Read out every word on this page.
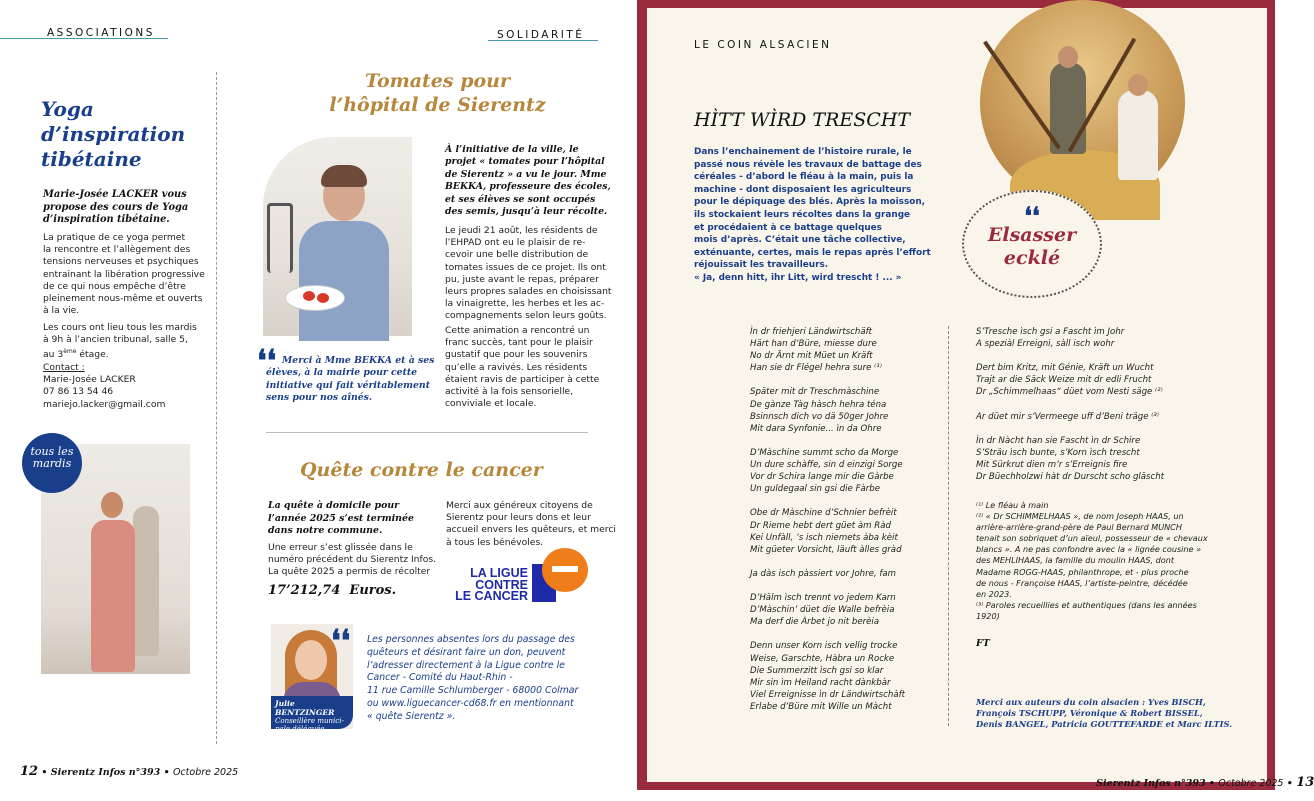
ASSOCIATIONS	SOLIDARITÉ
Yoga
d’inspiration
tibétaine
Marie-Josée LACKER vous
propose des cours de Yoga
d’inspiration tibétaine.
La pratique de ce yoga permet
la rencontre et l’allègement des
tensions nerveuses et psychiques
entrainant la libération progressive
de ce qui nous empêche d’être
pleinement nous-même et ouverts
à la vie.
Les cours ont lieu tous les mardis
à 9h à l’ancien tribunal, salle 5,
au 3ème étage.
Contact :
Marie-Josée LACKER
07 86 13 54 46
mariejo.lacker@gmail.com
tous les
mardis
Tomates pour
l’hôpital de Sierentz
À l’initiative de la ville, le
projet « tomates pour l’hôpital
de Sierentz » a vu le jour. Mme
BEKKA, professeure des écoles,
et ses élèves se sont occupés
des semis, jusqu’à leur récolte.
Le jeudi 21 août, les résidents de
l’EHPAD ont eu le plaisir de re-
cevoir une belle distribution de
tomates issues de ce projet. Ils ont
pu, juste avant le repas, préparer
leurs propres salades en choisissant
la vinaigrette, les herbes et les ac-
compagnements selon leurs goûts.
Cette animation a rencontré un
franc succès, tant pour le plaisir
gustatif que pour les souvenirs
qu’elle a ravivés. Les résidents
étaient ravis de participer à cette
activité à la fois sensorielle,
conviviale et locale.
❛❛ Merci à Mme BEKKA et à ses
élèves, à la mairie pour cette
initiative qui fait véritablement
sens pour nos aînés.
Quête contre le cancer
La quête à domicile pour
l’année 2025 s’est terminée
dans notre commune.
Une erreur s’est glissée dans le
numéro précédent du Sierentz Infos.
La quête 2025 a permis de récolter
17’212,74  Euros.
Merci aux généreux citoyens de
Sierentz pour leurs dons et leur
accueil envers les quêteurs, et merci
à tous les bénévoles.
LA LIGUE
CONTRE
LE CANCER
Julie BENTZINGER
Conseillère munici-
pale déléguée
❛❛ Les personnes absentes lors du passage des
quêteurs et désirant faire un don, peuvent
l’adresser directement à la Ligue contre le
Cancer - Comité du Haut-Rhin -
11 rue Camille Schlumberger - 68000 Colmar
ou www.liguecancer-cd68.fr en mentionnant
« quête Sierentz ».
12 • Sierentz Infos n°393 • Octobre 2025
LE COIN ALSACIEN
HÌTT WÌRD TRESCHT
Dans l’enchainement de l’histoire rurale, le
passé nous révèle les travaux de battage des
céréales - d’abord le fléau à la main, puis la
machine - dont disposaient les agriculteurs
pour le dépiquage des blés. Après la moisson,
ils stockaient leurs récoltes dans la grange
et procédaient à ce battage quelques
mois d’après. C’était une tâche collective,
exténuante, certes, mais le repas après l’effort
réjouissait les travailleurs.
« Ja, denn hitt, ihr Litt, wird trescht ! ... »
❛❛
Elsasser
ecklé
Ìn dr friehjeri Ländwirtschäft
Härt han d’Büre, miesse dure
No dr Ärnt mit Müet un Kräft
Han sie dr Flégel hehra sure ⁽¹⁾

Später mit dr Treschmàschine
De gànze Tàg hàsch hehra téna
Bsinnsch dich vo dä 50ger Johre
Mit dara Synfonie... ìn da Ohre

D’Màschine summt scho da Morge
Un dure schàffe, sin d einzigi Sorge
Vor dr Schira lange mir die Gàrbe
Un guldegaal sin gsi die Fàrbe

Obe dr Màschine d’Schnier befrèit
Dr Rieme hebt dert güet àm Ràd
Kei Unfàll, ’s isch niemets àba kèit
Mit güeter Vorsicht, läuft àlles gràd

Ja dàs isch pàssiert vor Johre, fam

D’Hälm ìsch trennt vo jedem Karn
D’Màschin’ düet die Walle befrèia
Ma derf die Àrbet jo nit berèia

Denn unser Korn isch vellig trocke
Weise, Garschte, Hàbra un Rocke
Die Summerzitt ìsch gsi so klar
Mir sin ìm Heiland racht dànkbàr
Viel Erreignisse ìn dr Ländwirtschàft
Erlabe d’Büre mit Wille un Màcht
S’Tresche ìsch gsi a Fascht ìm Johr
A speziàl Erreigni, sàll isch wohr

Dert bim Kritz, mit Génie, Kräft un Wucht
Trajt ar die Säck Weize mit dr edli Frucht
Dr „Schimmelhaas“ düet vom Nesti säge ⁽²⁾

Ar düet mir s’Vermeege uff d’Beni träge ⁽³⁾

Ìn dr Nàcht han sie Fascht ìn dr Schire
S’Sträu ìsch bunte, s’Korn ìsch trescht
Mit Sürkrut dien m’r s’Erreignis fire
Dr Büechholzwi hàt dr Durscht scho gläscht
⁽¹⁾ Le fléau à main
⁽²⁾ « Dr SCHIMMELHAAS », de nom Joseph HAAS, un
arrière-arrière-grand-père de Paul Bernard MUNCH
tenait son sobriquet d’un aïeul, possesseur de « chevaux
blancs ». A ne pas confondre avec la « lignée cousine »
des MEHLIHAAS, la famille du moulin HAAS, dont
Madame ROGG-HAAS, philanthrope, et - plus proche
de nous - Françoise HAAS, l’artiste-peintre, décédée
en 2023.
⁽³⁾ Paroles recueillies et authentiques (dans les années
1920)
FT
Merci aux auteurs du coin alsacien : Yves BISCH,
François TSCHUPP, Véronique & Robert BISSEL,
Denis BANGEL, Patricia GOUTTEFARDE et Marc ILTIS.

Sierentz Infos n°393 • Octobre 2025 • 13
